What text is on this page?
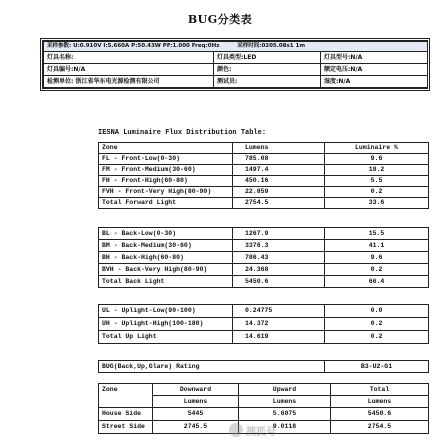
BUG分类表
采样参数: U:0.910V I:5.660A P:50.43W PF:1.000 Freq:0Hz 采样时间:0205.08s1 1m		
灯具名称:	灯具类型:LED	灯具型号:N/A
灯具编号:N/A	颜色:	额定电压:N/A
检测单位: 浙江省华东电光源检测有限公司	测试员:	湿度:N/A
IESNA Luminaire Flux Distribution Table:
Zone	Lumens	Luminaire %
FL - Front-Low(0-30)	785.08	9.6
FM - Front-Medium(30-60)	1497.4	18.2
FH - Front-High(60-80)	450.16	5.5
FVH - Front-Very High(80-90)	22.859	0.2
Total Forward Light	2754.5	33.6
BL - Back-Low(0-30)	1267.9	15.5
BM - Back-Medium(30-60)	3376.3	41.1
BH - Back-High(60-80)	786.43	9.6
BVH - Back-Very High(80-90)	24.368	0.2
Total Back Light	5450.6	66.4
UL - Uplight-Low(90-100)	0.24775	0.0
UH - Uplight-High(100-180)	14.372	0.2
Total Up Light	14.619	0.2
BUG(Back,Up,Glare) Rating	B3-U2-G1
Zone	Downward	Upward	Total
	Lumens	Lumens	Lumens
House Side	5445	5.6075	5450.6
Street Side	2745.5	9.0118	2754.5
搜狐号
